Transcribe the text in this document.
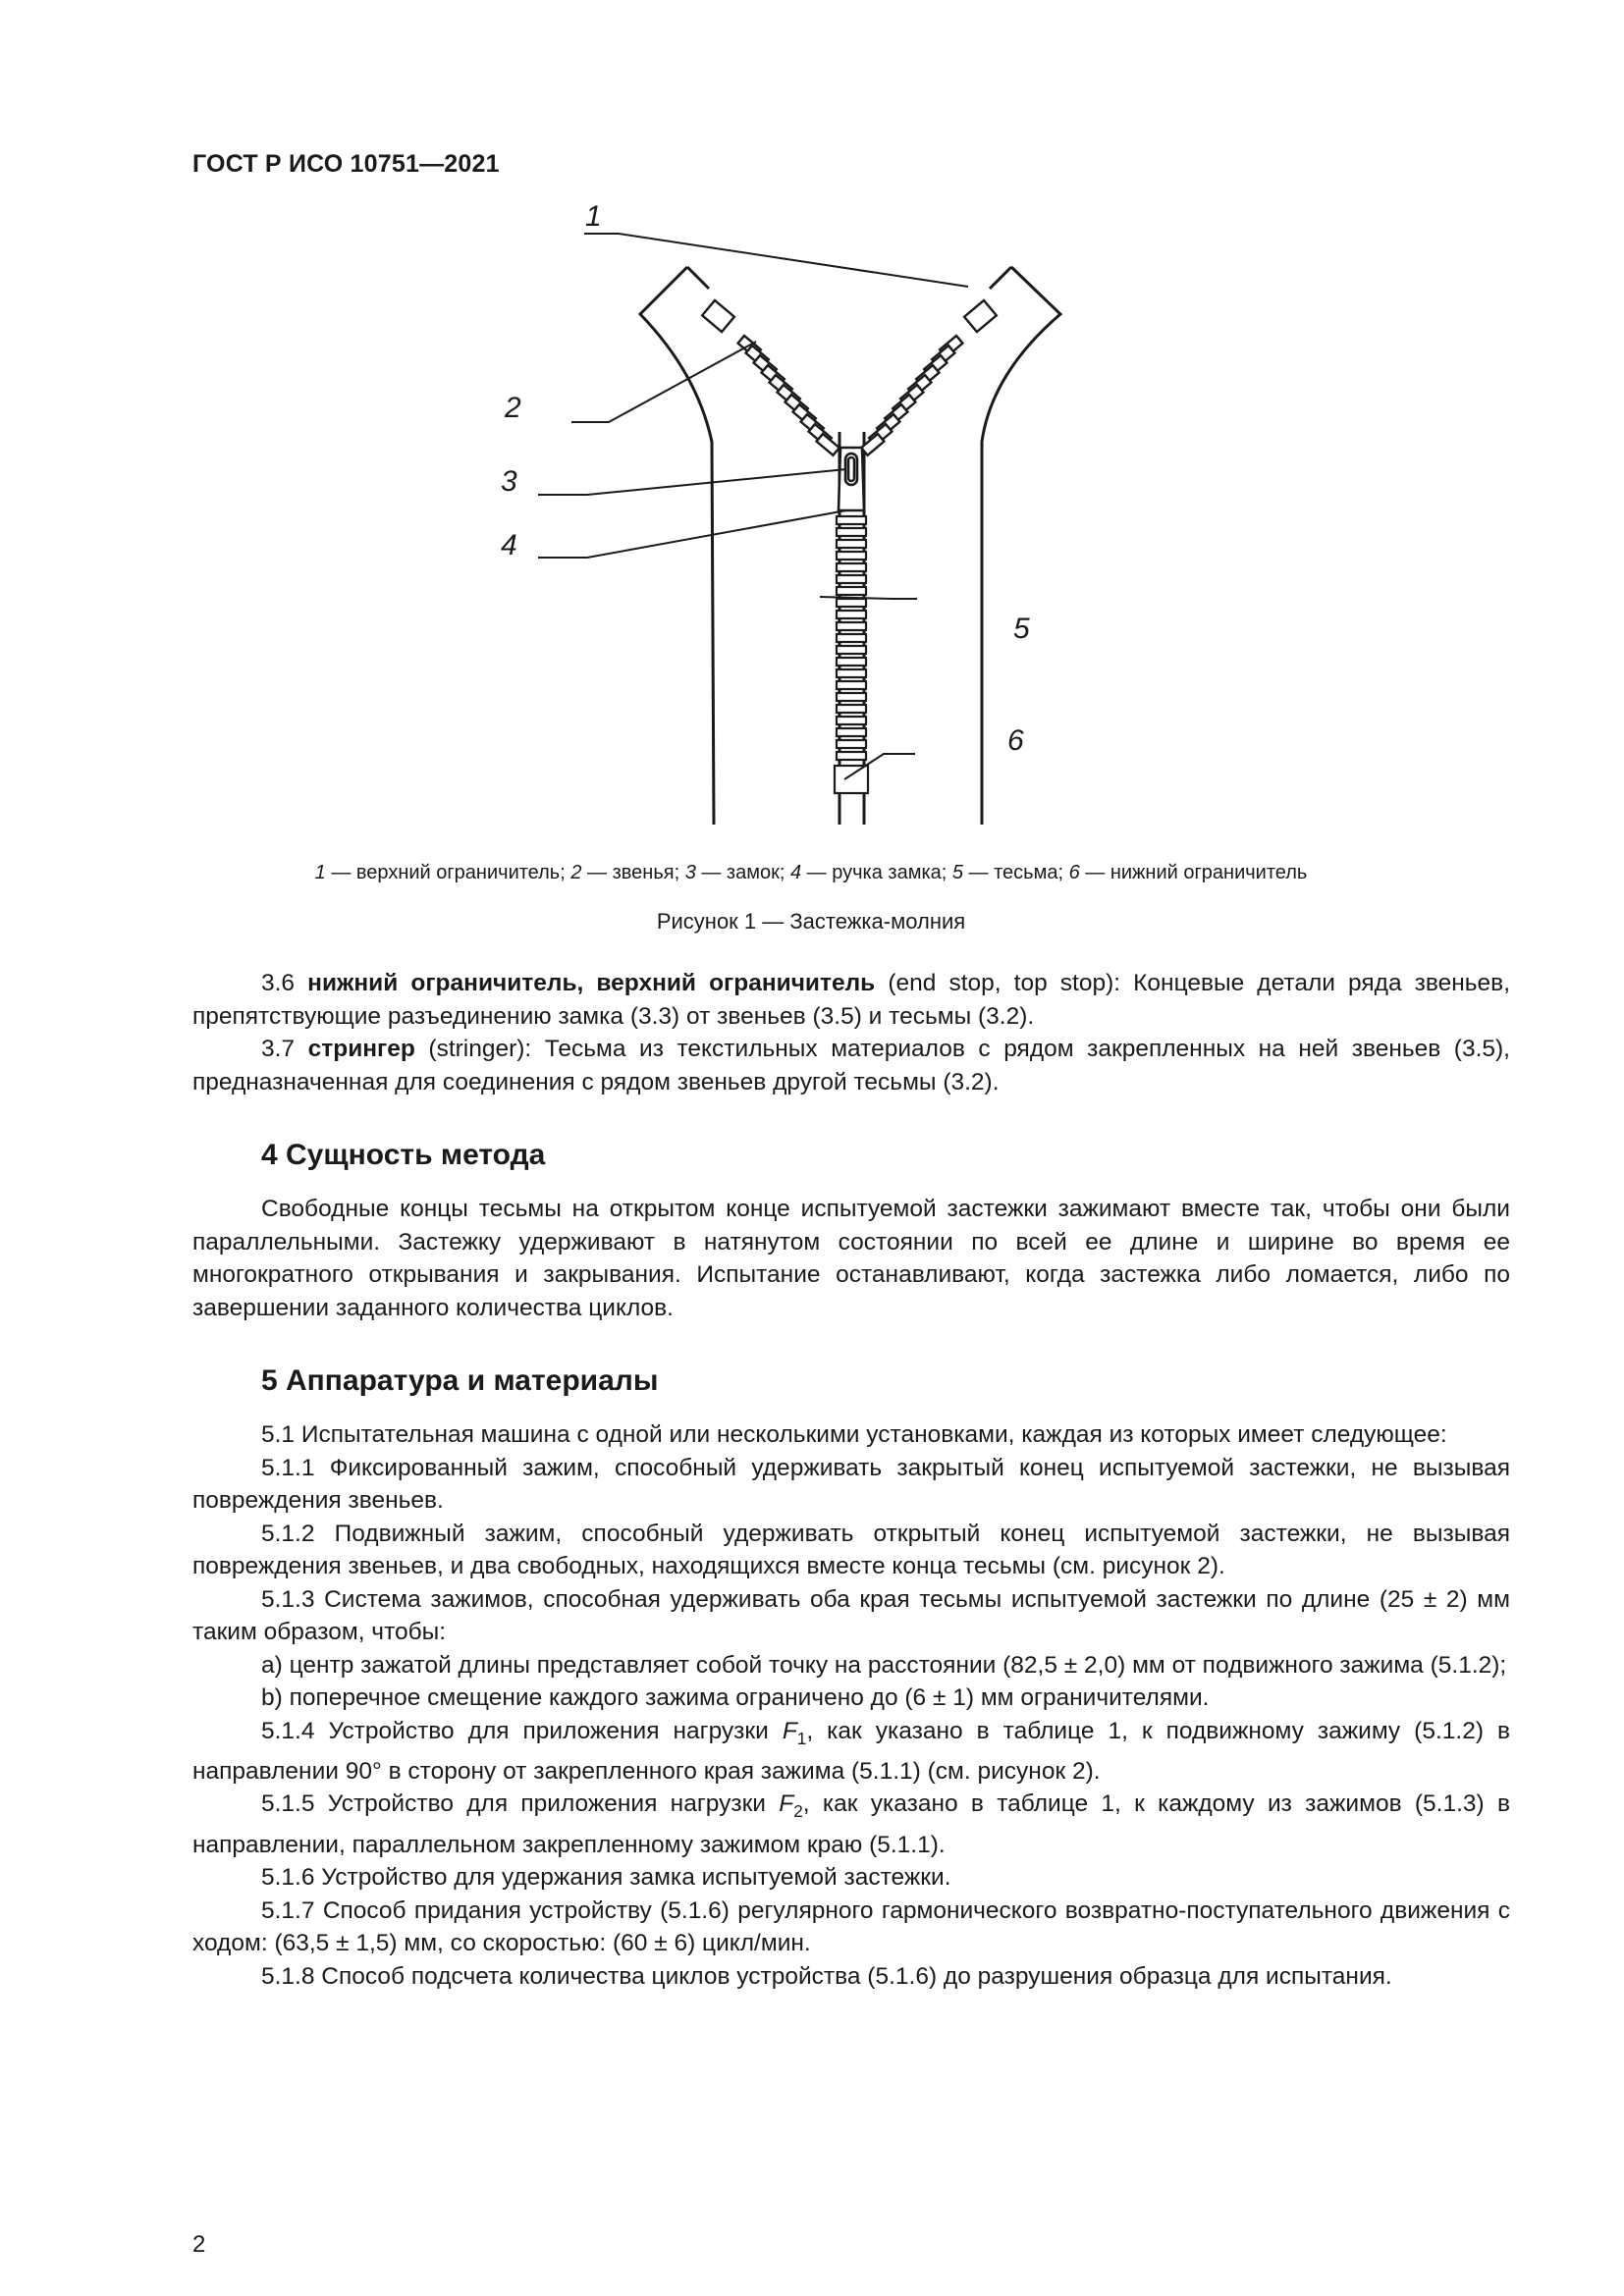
ГОСТ Р ИСО 10751—2021
1
2
3
4
5
6
1 — верхний ограничитель; 2 — звенья; 3 — замок; 4 — ручка замка; 5 — тесьма; 6 — нижний ограничитель
Рисунок 1 — Застежка-молния

3.6 нижний ограничитель, верхний ограничитель (end stop, top stop): Концевые детали ряда звеньев, препятствующие разъединению замка (3.3) от звеньев (3.5) и тесьмы (3.2).

3.7 стрингер (stringer): Тесьма из текстильных материалов с рядом закрепленных на ней звеньев (3.5), предназначенная для соединения с рядом звеньев другой тесьмы (3.2).

4 Сущность метода

Свободные концы тесьмы на открытом конце испытуемой застежки зажимают вместе так, чтобы они были параллельными. Застежку удерживают в натянутом состоянии по всей ее длине и ширине во время ее многократного открывания и закрывания. Испытание останавливают, когда застежка либо ломается, либо по завершении заданного количества циклов.

5 Аппаратура и материалы

5.1 Испытательная машина с одной или несколькими установками, каждая из которых имеет следующее:

5.1.1 Фиксированный зажим, способный удерживать закрытый конец испытуемой застежки, не вызывая повреждения звеньев.

5.1.2 Подвижный зажим, способный удерживать открытый конец испытуемой застежки, не вызывая повреждения звеньев, и два свободных, находящихся вместе конца тесьмы (см. рисунок 2).

5.1.3 Система зажимов, способная удерживать оба края тесьмы испытуемой застежки по длине (25 ± 2) мм таким образом, чтобы:

a) центр зажатой длины представляет собой точку на расстоянии (82,5 ± 2,0) мм от подвижного зажима (5.1.2);

b) поперечное смещение каждого зажима ограничено до (6 ± 1) мм ограничителями.

5.1.4 Устройство для приложения нагрузки $F_1$, как указано в таблице 1, к подвижному зажиму (5.1.2) в направлении 90° в сторону от закрепленного края зажима (5.1.1) (см. рисунок 2).

5.1.5 Устройство для приложения нагрузки $F_2$, как указано в таблице 1, к каждому из зажимов (5.1.3) в направлении, параллельном закрепленному зажимом краю (5.1.1).

5.1.6 Устройство для удержания замка испытуемой застежки.

5.1.7 Способ придания устройству (5.1.6) регулярного гармонического возвратно-поступательного движения с ходом: (63,5 ± 1,5) мм, со скоростью: (60 ± 6) цикл/мин.

5.1.8 Способ подсчета количества циклов устройства (5.1.6) до разрушения образца для испытания.

2
